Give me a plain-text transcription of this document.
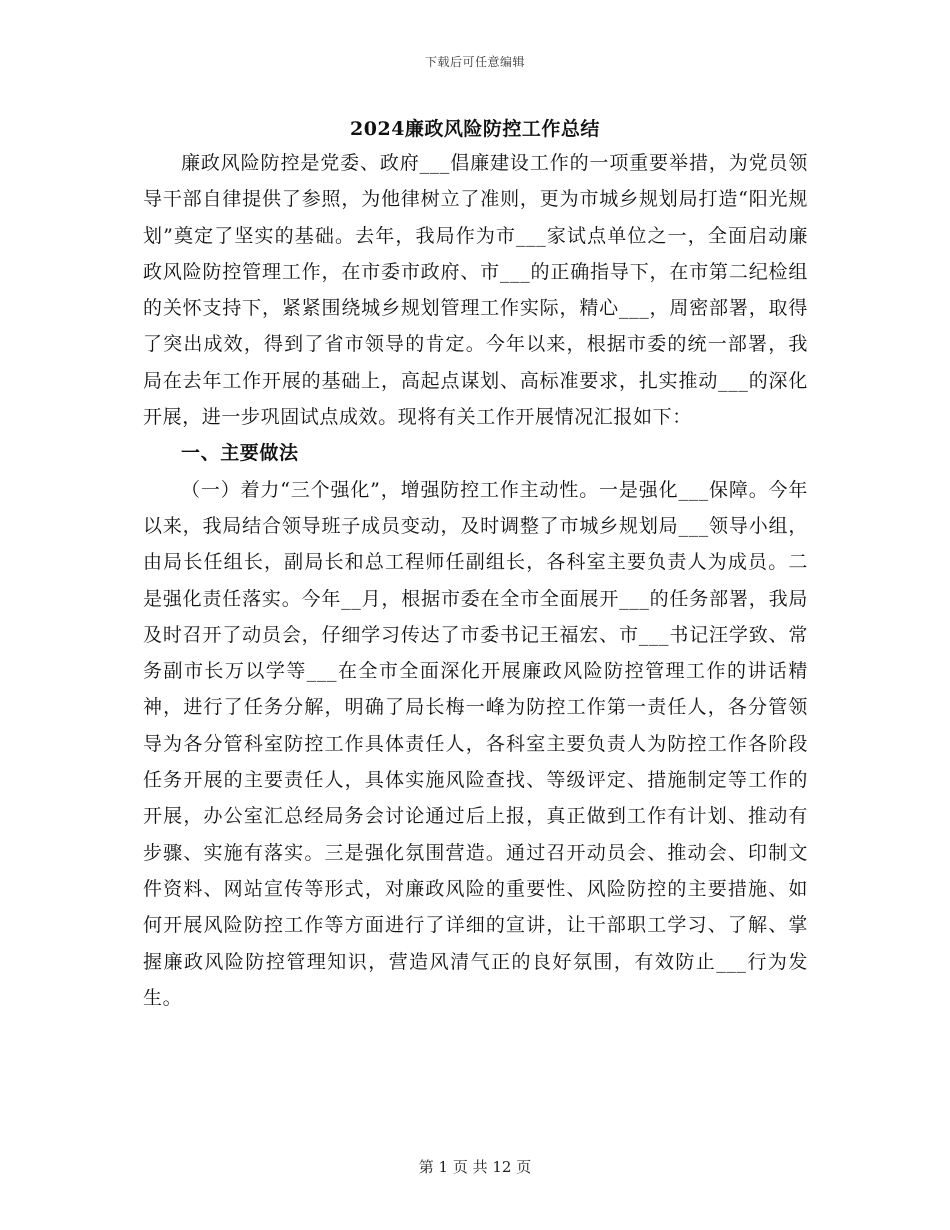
下载后可任意编辑
2024廉政风险防控工作总结

廉政风险防控是党委、政府___倡廉建设工作的一项重要举措，为党员领导干部自律提供了参照，为他律树立了准则，更为市城乡规划局打造“阳光规划”奠定了坚实的基础。去年，我局作为市___家试点单位之一，全面启动廉政风险防控管理工作，在市委市政府、市___的正确指导下，在市第二纪检组的关怀支持下，紧紧围绕城乡规划管理工作实际，精心___，周密部署，取得了突出成效，得到了省市领导的肯定。今年以来，根据市委的统一部署，我局在去年工作开展的基础上，高起点谋划、高标准要求，扎实推动___的深化开展，进一步巩固试点成效。现将有关工作开展情况汇报如下：

一、主要做法

（一）着力“三个强化”，增强防控工作主动性。一是强化___保障。今年以来，我局结合领导班子成员变动，及时调整了市城乡规划局___领导小组，由局长任组长，副局长和总工程师任副组长，各科室主要负责人为成员。二是强化责任落实。今年__月，根据市委在全市全面展开___的任务部署，我局及时召开了动员会，仔细学习传达了市委书记王福宏、市___书记汪学致、常务副市长万以学等___在全市全面深化开展廉政风险防控管理工作的讲话精神，进行了任务分解，明确了局长梅一峰为防控工作第一责任人，各分管领导为各分管科室防控工作具体责任人，各科室主要负责人为防控工作各阶段任务开展的主要责任人，具体实施风险查找、等级评定、措施制定等工作的开展，办公室汇总经局务会讨论通过后上报，真正做到工作有计划、推动有步骤、实施有落实。三是强化氛围营造。通过召开动员会、推动会、印制文件资料、网站宣传等形式，对廉政风险的重要性、风险防控的主要措施、如何开展风险防控工作等方面进行了详细的宣讲，让干部职工学习、了解、掌握廉政风险防控管理知识，营造风清气正的良好氛围，有效防止___行为发生。

第 1 页 共 12 页
